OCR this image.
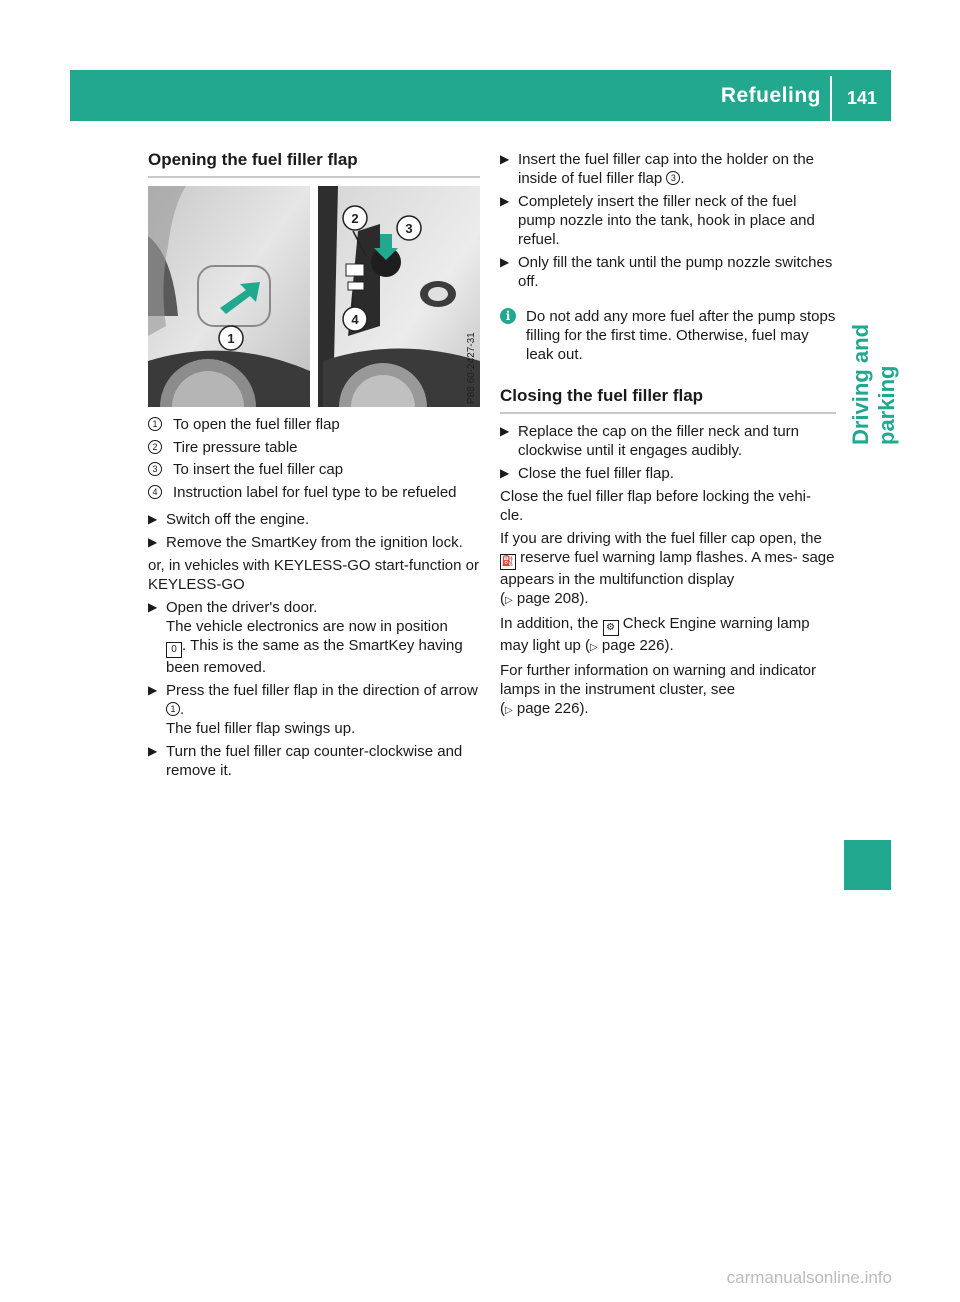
Refueling 141
Driving and parking
Opening the fuel filler flap
1
2
3
4
P88.60-2427-31
1	To open the fuel filler flap
2	Tire pressure table
3	To insert the fuel filler cap
4	Instruction label for fuel type to be refueled
▶ Switch off the engine.
▶ Remove the SmartKey from the ignition lock.
or, in vehicles with KEYLESS-GO start-function or KEYLESS-GO
▶ Open the driver's door.
The vehicle electronics are now in position
0 . This is the same as the SmartKey having been removed.
▶ Press the fuel filler flap in the direction of arrow 1 .
The fuel filler flap swings up.
▶ Turn the fuel filler cap counter-clockwise and remove it.
▶ Insert the fuel filler cap into the holder on the inside of fuel filler flap 3 .
▶ Completely insert the filler neck of the fuel pump nozzle into the tank, hook in place and refuel.
▶ Only fill the tank until the pump nozzle switches off.
i	Do not add any more fuel after the pump stops filling for the first time. Otherwise, fuel may leak out.
Closing the fuel filler flap
▶ Replace the cap on the filler neck and turn clockwise until it engages audibly.
▶ Close the fuel filler flap.
Close the fuel filler flap before locking the vehi- cle.
If you are driving with the fuel filler cap open, the
⛽ reserve fuel warning lamp flashes. A mes- sage appears in the multifunction display
(▷ page 208).
In addition, the ⚙ Check Engine warning lamp may light up (▷ page 226).
For further information on warning and indicator lamps in the instrument cluster, see
(▷ page 226).
carmanualsonline.info
